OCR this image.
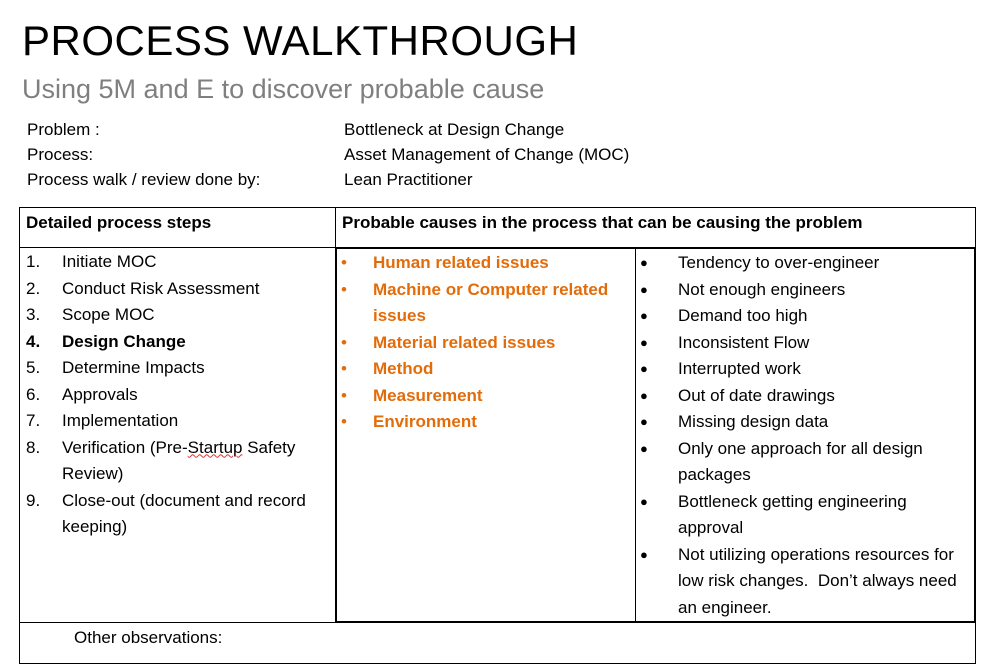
PROCESS WALKTHROUGH
Using 5M and E to discover probable cause
Problem :	Bottleneck at Design Change
Process:	Asset Management of Change (MOC)
Process walk / review done by:	Lean Practitioner
Detailed process steps	Probable causes in the process that can be causing the problem

1.	Initiate MOC
2.	Conduct Risk Assessment
3.	Scope MOC
4.	Design Change
5.	Determine Impacts
6.	Approvals
7.	Implementation
8.	Verification (Pre-Startup Safety
Review)
9.	Close-out (document and record
keeping)

•	Human related issues
•	Machine or Computer related
issues
•	Material related issues
•	Method
•	Measurement
•	Environment

●	Tendency to over-engineer
●	Not enough engineers
●	Demand too high
●	Inconsistent Flow
●	Interrupted work
●	Out of date drawings
●	Missing design data
●	Only one approach for all design
packages
●	Bottleneck getting engineering
approval
●	Not utilizing operations resources for
low risk changes.  Don’t always need
an engineer.

Other observations:
